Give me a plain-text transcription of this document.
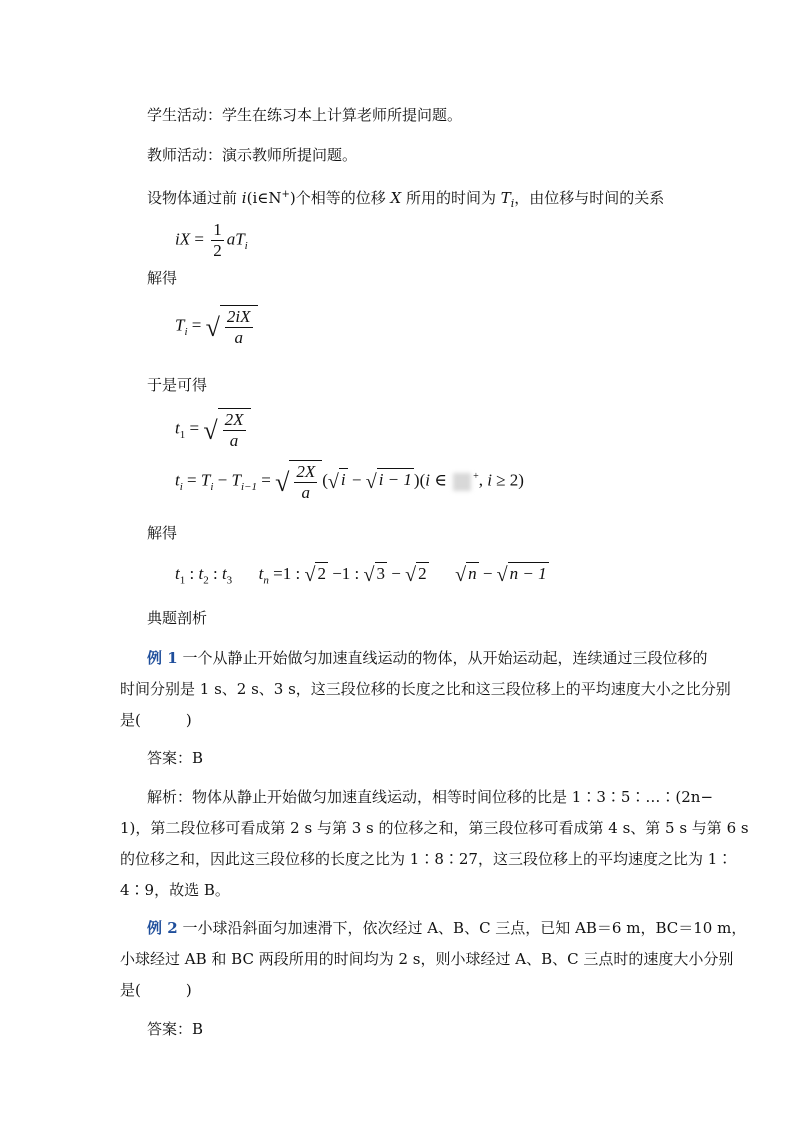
学生活动：学生在练习本上计算老师所提问题。
教师活动：演示教师所提问题。
设物体通过前 i(i∈N+)个相等的位移 X 所用的时间为 $T_i$，由位移与时间的关系
iX = $\frac{1}{2} aT_i$
解得
$T_i$ = √ $\frac{2iX}{a}$
于是可得
$t_1$ = √ $\frac{2X}{a}$
$t_i = T_i - T_{i-1}$ = √ $\frac{2X}{a}$ (√ i − √ i − 1 )(i ∈ +, i ≥ 2)
解得
$t_1$ : $t_2$ : $t_3$ $t_n =1$ : √ 2 −1 : √ 3 − √ 2 √ n − √ n − 1
典题剖析
例 1 一个从静止开始做匀加速直线运动的物体，从开始运动起，连续通过三段位移的
时间分别是 1 s、2 s、3 s，这三段位移的长度之比和这三段位移上的平均速度大小之比分别
是(　　　)
答案：B
解析：物体从静止开始做匀加速直线运动，相等时间位移的比是 1∶3∶5∶…∶(2n−
1)，第二段位移可看成第 2 s 与第 3 s 的位移之和，第三段位移可看成第 4 s、第 5 s 与第 6 s
的位移之和，因此这三段位移的长度之比为 1∶8∶27，这三段位移上的平均速度之比为 1∶
4∶9，故选 B。
例 2 一小球沿斜面匀加速滑下，依次经过 A、B、C 三点，已知 AB＝6 m，BC＝10 m，
小球经过 AB 和 BC 两段所用的时间均为 2 s，则小球经过 A、B、C 三点时的速度大小分别
是(　　　)
答案：B
